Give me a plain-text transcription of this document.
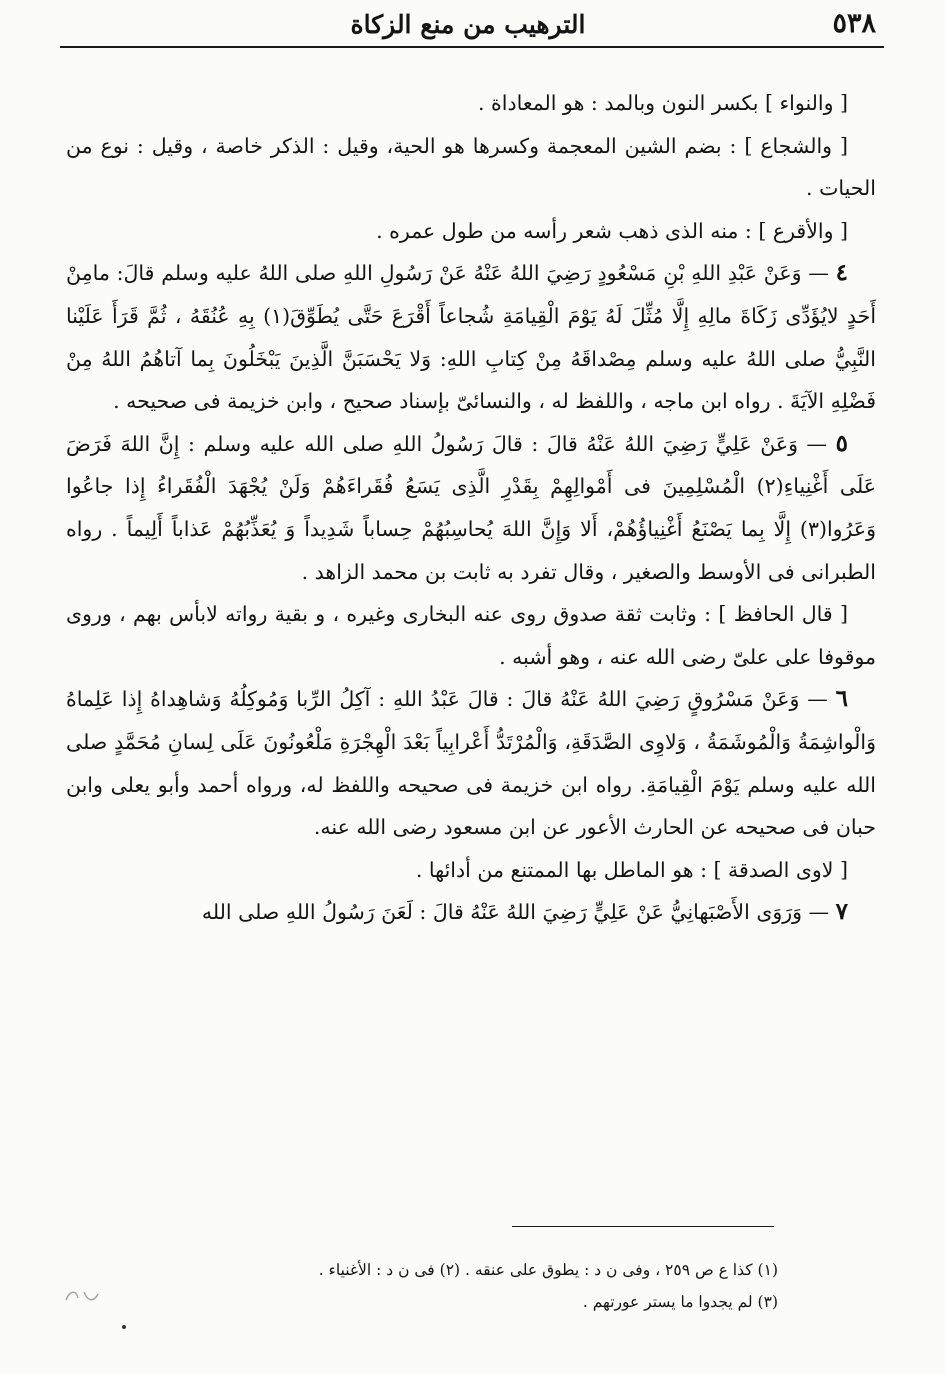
٥٣٨
الترهيب من منع الزكاة

[ والنواء ] بكسر النون وبالمد : هو المعاداة .

[ والشجاع ] : بضم الشين المعجمة وكسرها هو الحية، وقيل : الذكر خاصة ، وقيل : نوع من الحيات .

[ والأقرع ] : منه الذى ذهب شعر رأسه من طول عمره .

٤ — وَعَنْ عَبْدِ اللهِ بْنِ مَسْعُودٍ رَضِيَ اللهُ عَنْهُ عَنْ رَسُولِ اللهِ صلى اللهُ عليه وسلم قالَ: مامِنْ أَحَدٍ لايُؤَدِّى زَكَاةَ مالِهِ إِلَّا مُثِّلَ لَهُ يَوْمَ الْقِيامَةِ شُجاعاً أَقْرَعَ حَتَّى يُطَوِّقَ(١) بِهِ عُنُقَهُ ، ثُمَّ قَرَأَ عَلَيْنا النَّبِيُّ صلى اللهُ عليه وسلم مِصْداقَهُ مِنْ كِتابِ اللهِ: وَلا يَحْسَبَنَّ الَّذِينَ يَبْخَلُونَ بِما آتاهُمُ اللهُ مِنْ فَضْلِهِ الآيَةَ . رواه ابن ماجه ، واللفظ له ، والنسائىّ بإسناد صحيح ، وابن خزيمة فى صحيحه .

٥ — وَعَنْ عَلِيٍّ رَضِيَ اللهُ عَنْهُ قالَ : قالَ رَسُولُ اللهِ صلى الله عليه وسلم : إِنَّ اللهَ فَرَضَ عَلَى أَغْنِياءِ(٢) الْمُسْلِمِينَ فى أَمْوالِهِمْ بِقَدْرِ الَّذِى يَسَعُ فُقَراءَهُمْ وَلَنْ يُجْهَدَ الْفُقَراءُ إِذا جاعُوا وَعَرُوا(٣) إِلَّا بِما يَصْنَعُ أَغْنِياؤُهُمْ، أَلا وَإِنَّ اللهَ يُحاسِبُهُمْ حِساباً شَدِيداً وَ يُعَذِّبُهُمْ عَذاباً أَلِيماً . رواه الطبرانى فى الأوسط والصغير ، وقال تفرد به ثابت بن محمد الزاهد .

[ قال الحافظ ] : وثابت ثقة صدوق روى عنه البخارى وغيره ، و بقية رواته لابأس بهم ، وروى موقوفا على علىّ رضى الله عنه ، وهو أشبه .

٦ — وَعَنْ مَسْرُوقٍ رَضِيَ اللهُ عَنْهُ قالَ : قالَ عَبْدُ اللهِ : آكِلُ الرِّبا وَمُوكِلُهُ وَشاهِداهُ إِذا عَلِماهُ وَالْواشِمَةُ وَالْمُوشَمَةُ ، وَلاوِى الصَّدَقَةِ، وَالْمُرْتَدُّ أَعْرابِياً بَعْدَ الْهِجْرَةِ مَلْعُونُونَ عَلَى لِسانِ مُحَمَّدٍ صلى الله عليه وسلم يَوْمَ الْقِيامَةِ. رواه ابن خزيمة فى صحيحه واللفظ له، ورواه أحمد وأبو يعلى وابن حبان فى صحيحه عن الحارث الأعور عن ابن مسعود رضى الله عنه.

[ لاوى الصدقة ] : هو الماطل بها الممتنع من أدائها .

٧ — وَرَوَى الأَصْبَهانِيُّ عَنْ عَلِيٍّ رَضِيَ اللهُ عَنْهُ قالَ : لَعَنَ رَسُولُ اللهِ صلى الله

(١) كذا ع ص ٢٥٩ ، وفى ن د : يطوق على عنقه . (٢) فى ن د : الأغنياء .

(٣) لم يجدوا ما يستر عورتهم .
